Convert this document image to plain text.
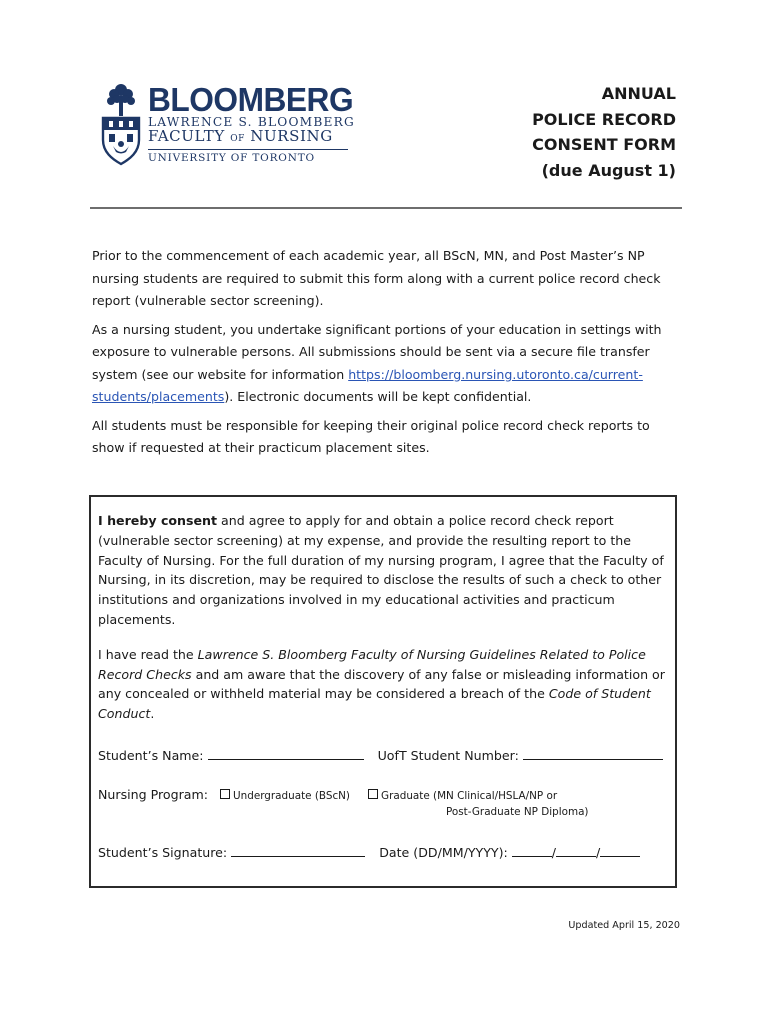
BLOOMBERG
LAWRENCE S. BLOOMBERG
FACULTY OF NURSING
UNIVERSITY OF TORONTO
ANNUAL
POLICE RECORD
CONSENT FORM
(due August 1)

Prior to the commencement of each academic year, all BScN, MN, and Post Master’s NP nursing students are required to submit this form along with a current police record check report (vulnerable sector screening).

As a nursing student, you undertake significant portions of your education in settings with exposure to vulnerable persons. All submissions should be sent via a secure file transfer system (see our website for information https://bloomberg.nursing.utoronto.ca/current-students/placements). Electronic documents will be kept confidential.

All students must be responsible for keeping their original police record check reports to show if requested at their practicum placement sites.

I hereby consent and agree to apply for and obtain a police record check report (vulnerable sector screening) at my expense, and provide the resulting report to the Faculty of Nursing. For the full duration of my nursing program, I agree that the Faculty of Nursing, in its discretion, may be required to disclose the results of such a check to other institutions and organizations involved in my educational activities and practicum placements.

I have read the Lawrence S. Bloomberg Faculty of Nursing Guidelines Related to Police Record Checks and am aware that the discovery of any false or misleading information or any concealed or withheld material may be considered a breach of the Code of Student Conduct.

Student’s Name:	UofT Student Number:
Nursing Program: Undergraduate (BScN)	Graduate (MN Clinical/HSLA/NP or
Post-Graduate NP Diploma)
Student’s Signature:	Date (DD/MM/YYYY):	/	/
Updated April 15, 2020
